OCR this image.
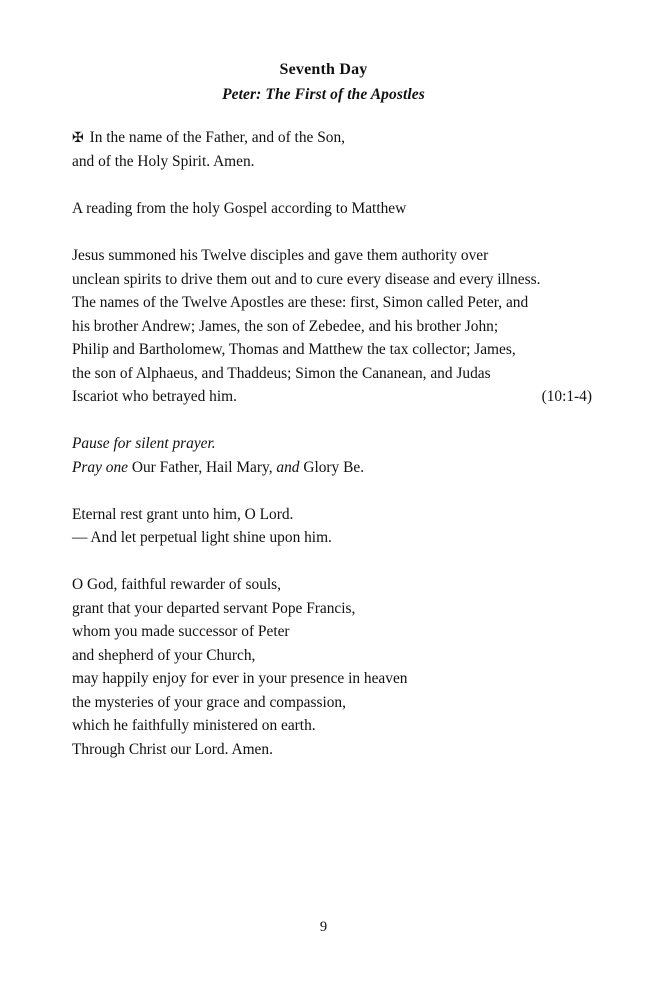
Seventh Day
Peter: The First of the Apostles
✠ In the name of the Father, and of the Son,
and of the Holy Spirit. Amen.
A reading from the holy Gospel according to Matthew
Jesus summoned his Twelve disciples and gave them authority over
unclean spirits to drive them out and to cure every disease and every illness.
The names of the Twelve Apostles are these: first, Simon called Peter, and
his brother Andrew; James, the son of Zebedee, and his brother John;
Philip and Bartholomew, Thomas and Matthew the tax collector; James,
the son of Alphaeus, and Thaddeus; Simon the Cananean, and Judas
Iscariot who betrayed him.	(10:1-4)
Pause for silent prayer.
Pray one Our Father, Hail Mary, and Glory Be.
Eternal rest grant unto him, O Lord.
— And let perpetual light shine upon him.
O God, faithful rewarder of souls,
grant that your departed servant Pope Francis,
whom you made successor of Peter
and shepherd of your Church,
may happily enjoy for ever in your presence in heaven
the mysteries of your grace and compassion,
which he faithfully ministered on earth.
Through Christ our Lord. Amen.
9
